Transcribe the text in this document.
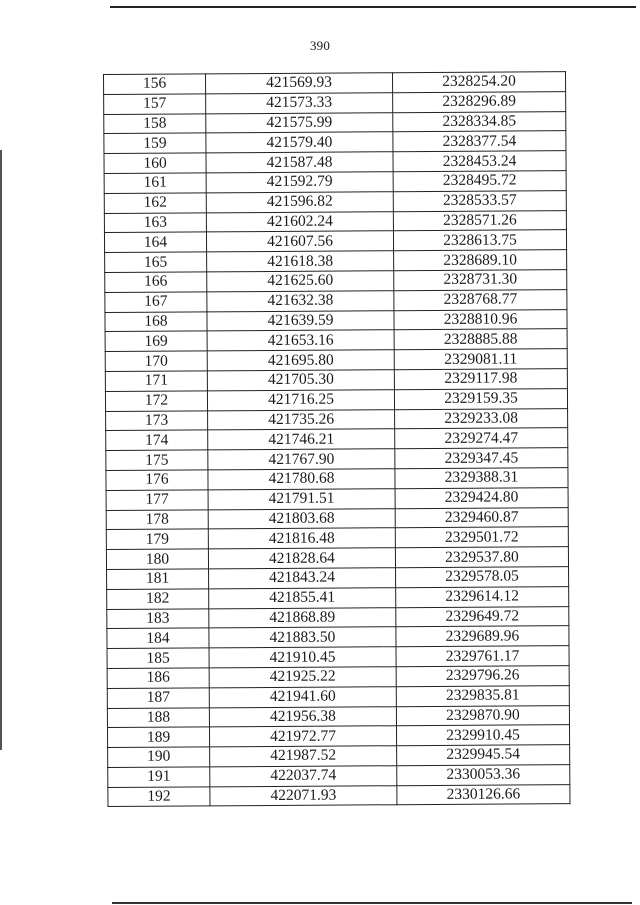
390
156	421569.93	2328254.20
157	421573.33	2328296.89
158	421575.99	2328334.85
159	421579.40	2328377.54
160	421587.48	2328453.24
161	421592.79	2328495.72
162	421596.82	2328533.57
163	421602.24	2328571.26
164	421607.56	2328613.75
165	421618.38	2328689.10
166	421625.60	2328731.30
167	421632.38	2328768.77
168	421639.59	2328810.96
169	421653.16	2328885.88
170	421695.80	2329081.11
171	421705.30	2329117.98
172	421716.25	2329159.35
173	421735.26	2329233.08
174	421746.21	2329274.47
175	421767.90	2329347.45
176	421780.68	2329388.31
177	421791.51	2329424.80
178	421803.68	2329460.87
179	421816.48	2329501.72
180	421828.64	2329537.80
181	421843.24	2329578.05
182	421855.41	2329614.12
183	421868.89	2329649.72
184	421883.50	2329689.96
185	421910.45	2329761.17
186	421925.22	2329796.26
187	421941.60	2329835.81
188	421956.38	2329870.90
189	421972.77	2329910.45
190	421987.52	2329945.54
191	422037.74	2330053.36
192	422071.93	2330126.66
